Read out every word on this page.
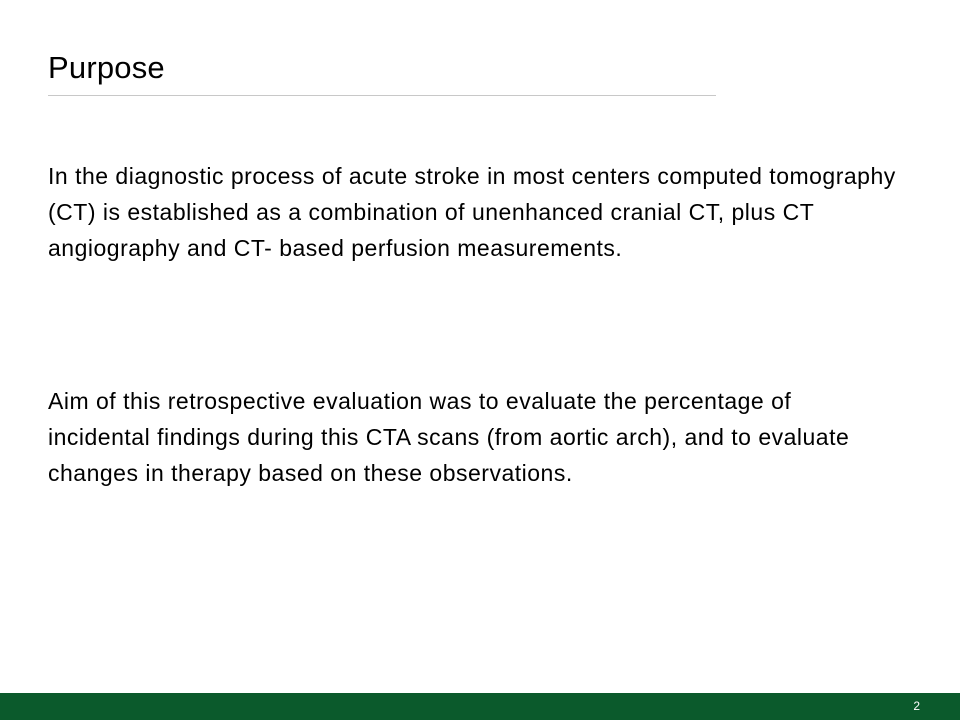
Purpose

In the diagnostic process of acute stroke in most centers computed tomography (CT) is established as a combination of unenhanced cranial CT, plus CT angiography and CT- based perfusion measurements.

Aim of this retrospective evaluation was to evaluate the percentage of incidental findings during this CTA scans (from aortic arch), and to evaluate changes in therapy based on these observations.

2
